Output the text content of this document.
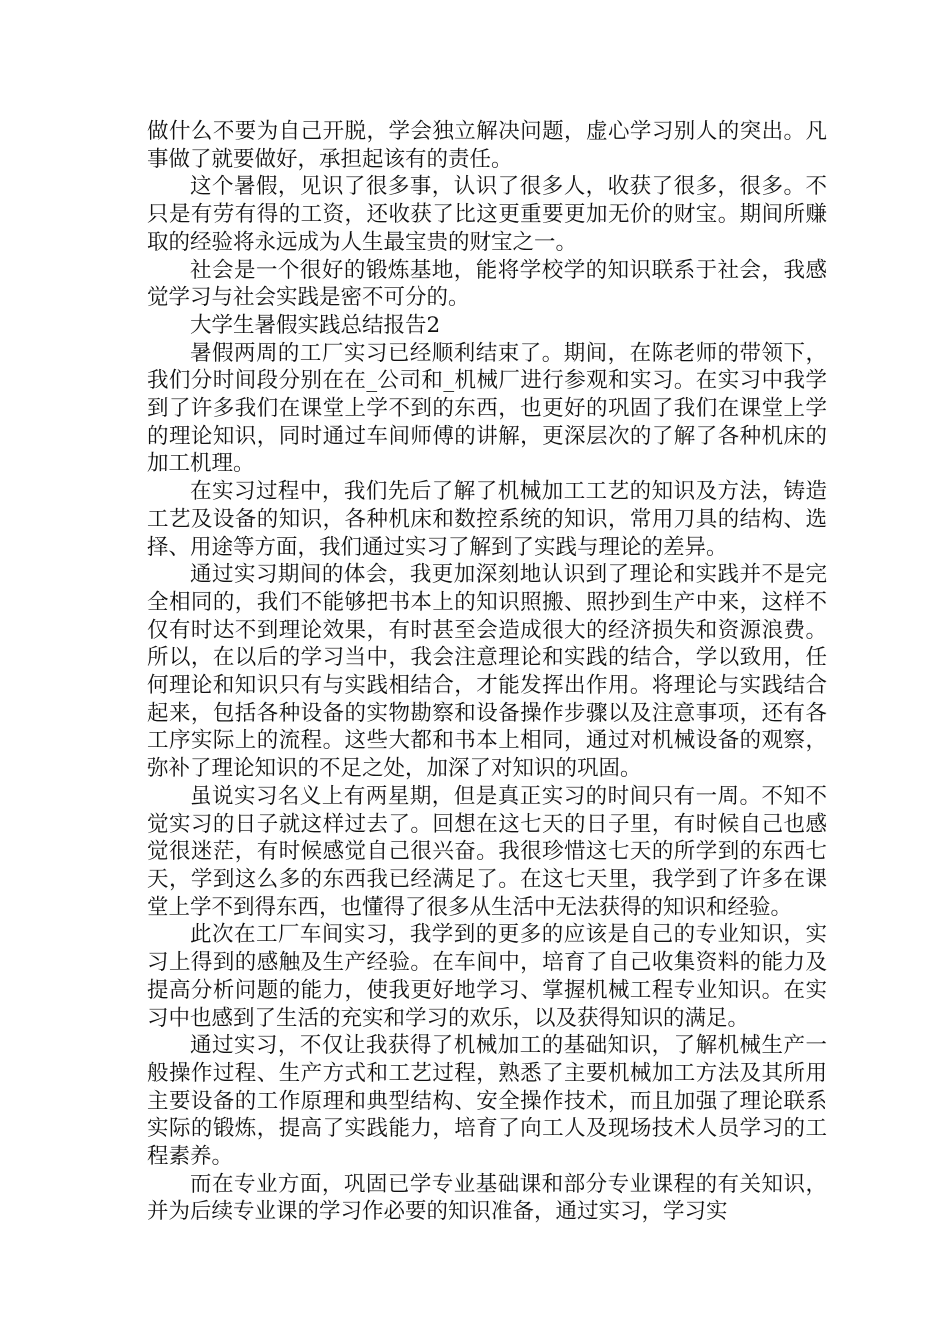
做什么不要为自己开脱，学会独立解决问题，虚心学习别人的突出。凡事做了就要做好，承担起该有的责任。

这个暑假，见识了很多事，认识了很多人，收获了很多，很多。不只是有劳有得的工资，还收获了比这更重要更加无价的财宝。期间所赚取的经验将永远成为人生最宝贵的财宝之一。

社会是一个很好的锻炼基地，能将学校学的知识联系于社会，我感觉学习与社会实践是密不可分的。

大学生暑假实践总结报告2

暑假两周的工厂实习已经顺利结束了。期间，在陈老师的带领下，我们分时间段分别在在_公司和_机械厂进行参观和实习。在实习中我学到了许多我们在课堂上学不到的东西，也更好的巩固了我们在课堂上学的理论知识，同时通过车间师傅的讲解，更深层次的了解了各种机床的加工机理。

在实习过程中，我们先后了解了机械加工工艺的知识及方法，铸造工艺及设备的知识，各种机床和数控系统的知识，常用刀具的结构、选择、用途等方面，我们通过实习了解到了实践与理论的差异。

通过实习期间的体会，我更加深刻地认识到了理论和实践并不是完全相同的，我们不能够把书本上的知识照搬、照抄到生产中来，这样不仅有时达不到理论效果，有时甚至会造成很大的经济损失和资源浪费。所以，在以后的学习当中，我会注意理论和实践的结合，学以致用，任何理论和知识只有与实践相结合，才能发挥出作用。将理论与实践结合起来，包括各种设备的实物勘察和设备操作步骤以及注意事项，还有各工序实际上的流程。这些大都和书本上相同，通过对机械设备的观察，弥补了理论知识的不足之处，加深了对知识的巩固。

虽说实习名义上有两星期，但是真正实习的时间只有一周。不知不觉实习的日子就这样过去了。回想在这七天的日子里，有时候自己也感觉很迷茫，有时候感觉自己很兴奋。我很珍惜这七天的所学到的东西七天，学到这么多的东西我已经满足了。在这七天里，我学到了许多在课堂上学不到得东西，也懂得了很多从生活中无法获得的知识和经验。

此次在工厂车间实习，我学到的更多的应该是自己的专业知识，实习上得到的感触及生产经验。在车间中，培育了自己收集资料的能力及提高分析问题的能力，使我更好地学习、掌握机械工程专业知识。在实习中也感到了生活的充实和学习的欢乐，以及获得知识的满足。

通过实习，不仅让我获得了机械加工的基础知识，了解机械生产一般操作过程、生产方式和工艺过程，熟悉了主要机械加工方法及其所用主要设备的工作原理和典型结构、安全操作技术，而且加强了理论联系实际的锻炼，提高了实践能力，培育了向工人及现场技术人员学习的工程素养。

而在专业方面，巩固已学专业基础课和部分专业课程的有关知识，并为后续专业课的学习作必要的知识准备，通过实习，学习实
